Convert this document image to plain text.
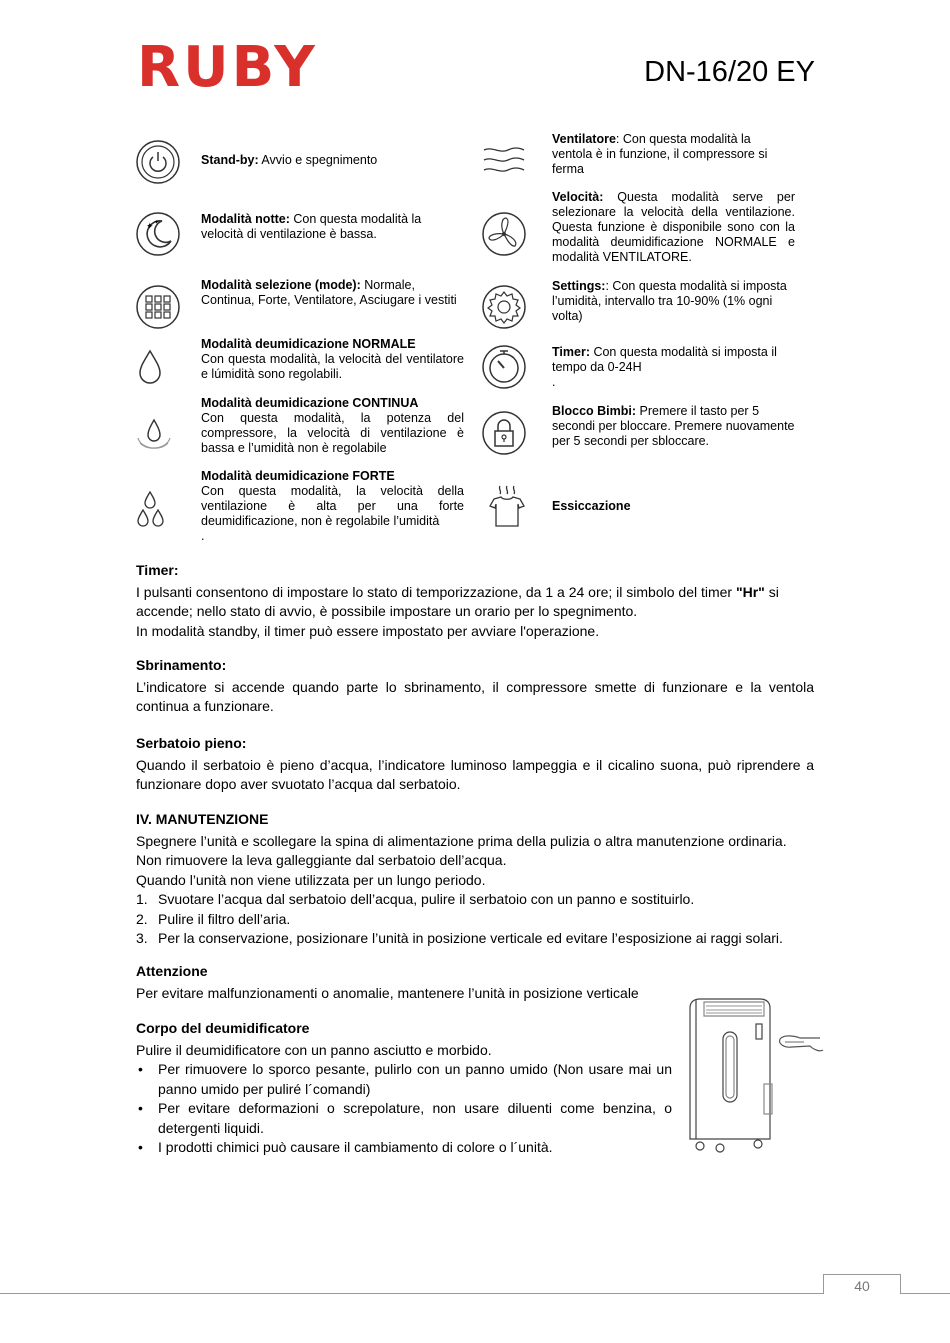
RUBY	DN-16/20 EY
✦ ✦
Stand-by: Avvio e spegnimento
Modalità notte: Con questa modalità la velocità di ventilazione è bassa.
Modalità selezione (mode): Normale, Continua, Forte, Ventilatore, Asciugare i vestiti
Modalità deumidicazione NORMALE
Con questa modalità, la velocità del ventilatore e lúmidità sono regolabili.
Modalità deumidicazione CONTINUA
Con questa modalità, la potenza del compressore, la velocità di ventilazione è bassa e l’umidità non è regolabile
Modalità deumidicazione FORTE
Con questa modalità, la velocità della ventilazione è alta per una forte deumidificazione, non è regolabile l’umidità
.
Ventilatore: Con questa modalità la ventola è in funzione, il compressore si ferma
Velocità: Questa modalità serve per selezionare la velocità della ventilazione. Questa funzione è disponibile sono con la modalità deumidificazione NORMALE e modalità VENTILATORE.
Settings:: Con questa modalità si imposta l’umidità, intervallo tra 10-90% (1% ogni volta)
Timer: Con questa modalità si imposta il tempo da 0-24H
.
Blocco Bimbi: Premere il tasto per 5 secondi per bloccare. Premere nuovamente per 5 secondi per sbloccare.
Essiccazione
Timer:

I pulsanti consentono di impostare lo stato di temporizzazione, da 1 a 24 ore; il simbolo del timer "Hr" si accende; nello stato di avvio, è possibile impostare un orario per lo spegnimento.

In modalità standby, il timer può essere impostato per avviare l'operazione.

Sbrinamento:

L’indicatore si accende quando parte lo sbrinamento, il compressore smette di funzionare e la ventola continua a funzionare.

Serbatoio pieno:

Quando il serbatoio è pieno d’acqua, l’indicatore luminoso lampeggia e il cicalino suona, può riprendere a funzionare dopo aver svuotato l’acqua dal serbatoio.

IV. MANUTENZIONE

Spegnere l’unità e scollegare la spina di alimentazione prima della pulizia o altra manutenzione ordinaria.

Non rimuovere la leva galleggiante dal serbatoio dell’acqua.

Quando l’unità non viene utilizzata per un lungo periodo.

1. Svuotare l’acqua dal serbatoio dell’acqua, pulire il serbatoio con un panno e sostituirlo.
2. Pulire il filtro dell’aria.
3. Per la conservazione, posizionare l’unità in posizione verticale ed evitare l’esposizione ai raggi solari.
Attenzione

Per evitare malfunzionamenti o anomalie, mantenere l’unità in posizione verticale

Corpo del deumidificatore

Pulire il deumidificatore con un panno asciutto e morbido.

• Per rimuovere lo sporco pesante, pulirlo con un panno umido (Non usare mai un panno umido per puliré l´comandi)
• Per evitare deformazioni o screpolature, non usare diluenti come benzina, o detergenti liquidi.
• I prodotti chimici può causare il cambiamento di colore o l´unità.
40
